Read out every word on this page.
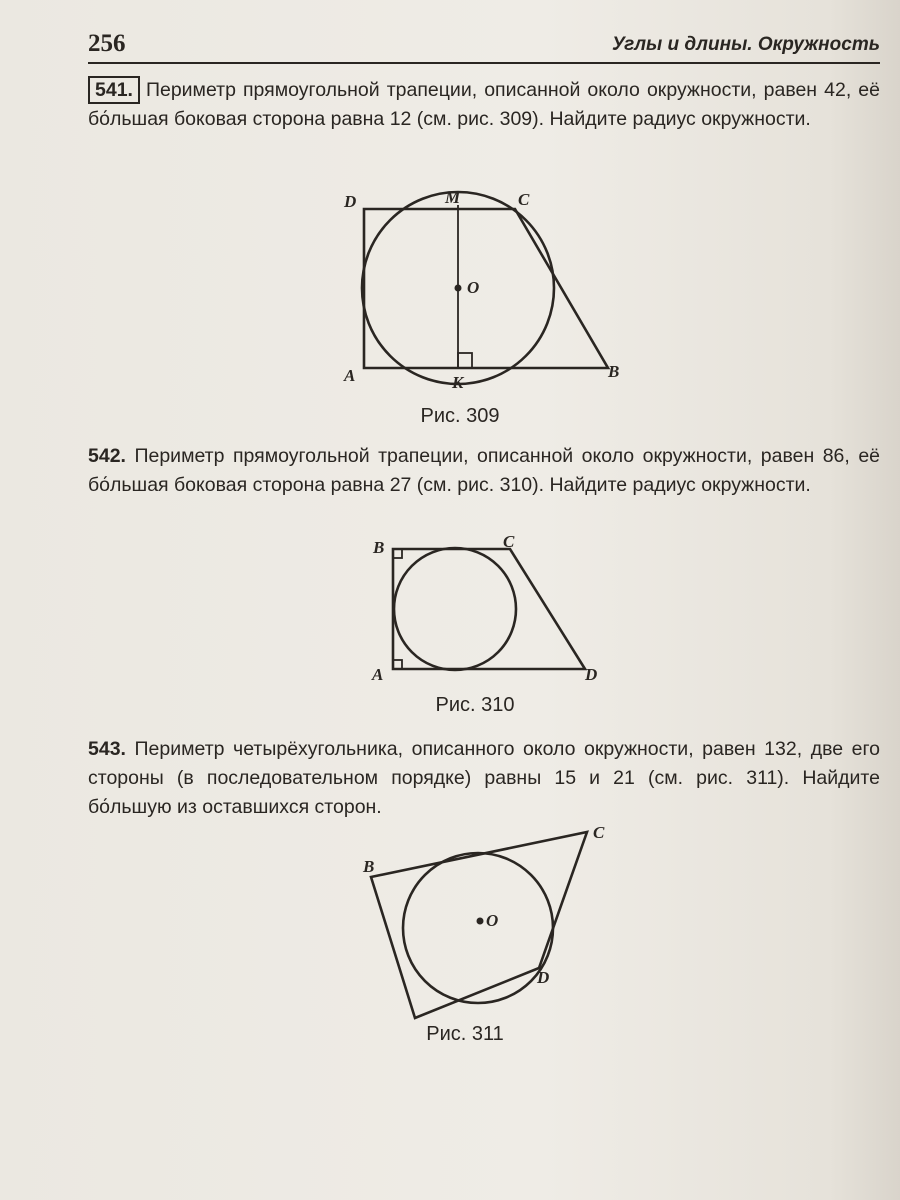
256	Углы и длины. Окружность
541. Периметр прямоугольной трапеции, описанной около окружности, равен 42, её бо́льшая боковая сторона равна 12 (см. рис. 309). Найдите радиус окружности.
D	M	C
O
A	K
B
Рис. 309
542. Периметр прямоугольной трапеции, описанной около окружности, равен 86, её бо́льшая боковая сторона равна 27 (см. рис. 310). Найдите радиус окружности.
B	C
A	D
Рис. 310
543. Периметр четырёхугольника, описанного около окружности, равен 132, две его стороны (в последовательном порядке) равны 15 и 21 (см. рис. 311). Найдите бо́льшую из оставшихся сторон.
B
C
O
D
Рис. 311
